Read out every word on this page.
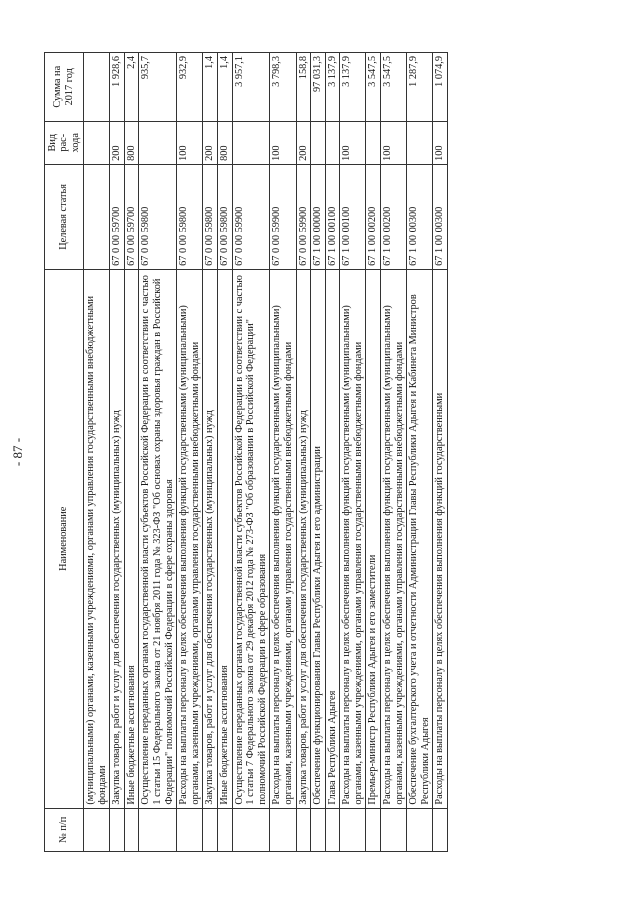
- 87 -
№ п/п	Наименование	Целевая статья	Вид рас-хода	Сумма на 2017 год
	(муниципальными) органами, казенными учреждениями, органами управления государственными внебюджетными фондами			
	Закупка товаров, работ и услуг для обеспечения государственных (муниципальных) нужд	67 0 00 59700	200	1 928,6
	Иные бюджетные ассигнования	67 0 00 59700	800	2,4
	Осуществление переданных органам государственной власти субъектов Российской Федерации в соответствии с частью 1 статьи 15 Федерального закона от 21 ноября 2011 года № 323-ФЗ "Об основах охраны здоровья граждан в Российской Федерации" полномочий Российской Федерации в сфере охраны здоровья	67 0 00 59800		935,7
	Расходы на выплаты персоналу в целях обеспечения выполнения функций государственными (муниципальными) органами, казенными учреждениями, органами управления государственными внебюджетными фондами	67 0 00 59800	100	932,9
	Закупка товаров, работ и услуг для обеспечения государственных (муниципальных) нужд	67 0 00 59800	200	1,4
	Иные бюджетные ассигнования	67 0 00 59800	800	1,4
	Осуществление переданных органам государственной власти субъектов Российской Федерации в соответствии с частью 1 статьи 7 Федерального закона от 29 декабря 2012 года № 273-ФЗ "Об образовании в Российской Федерации" полномочий Российской Федерации в сфере образования	67 0 00 59900		3 957,1
	Расходы на выплаты персоналу в целях обеспечения выполнения функций государственными (муниципальными) органами, казенными учреждениями, органами управления государственными внебюджетными фондами	67 0 00 59900	100	3 798,3
	Закупка товаров, работ и услуг для обеспечения государственных (муниципальных) нужд	67 0 00 59900	200	158,8
	Обеспечение функционирования Главы Республики Адыгея и его администрации	67 1 00 00000		97 031,3
	Глава Республики Адыгея	67 1 00 00100		3 137,9
	Расходы на выплаты персоналу в целях обеспечения выполнения функций государственными (муниципальными) органами, казенными учреждениями, органами управления государственными внебюджетными фондами	67 1 00 00100	100	3 137,9
	Премьер-министр Республики Адыгея и его заместители	67 1 00 00200		3 547,5
	Расходы на выплаты персоналу в целях обеспечения выполнения функций государственными (муниципальными) органами, казенными учреждениями, органами управления государственными внебюджетными фондами	67 1 00 00200	100	3 547,5
	Обеспечение бухгалтерского учета и отчетности Администрации Главы Республики Адыгея и Кабинета Министров Республики Адыгея	67 1 00 00300		1 287,9
	Расходы на выплаты персоналу в целях обеспечения выполнения функций государственными	67 1 00 00300	100	1 074,9
